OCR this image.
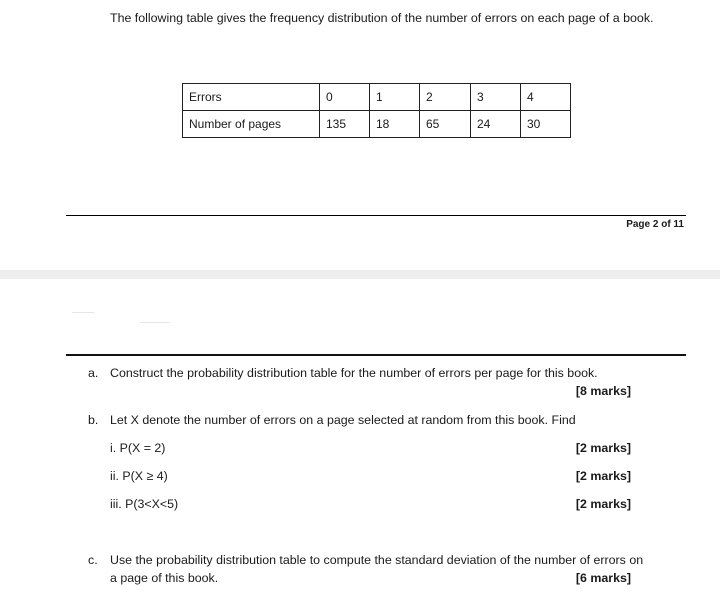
The following table gives the frequency distribution of the number of errors on each page of a book.
Errors	0	1	2	3	4
Number of pages	135	18	65	24	30
Page 2 of 11
a. Construct the probability distribution table for the number of errors per page for this book.
[8 marks]
b. Let X denote the number of errors on a page selected at random from this book. Find
i. P(X = 2)	[2 marks]
ii. P(X ≥ 4)	[2 marks]
iii. P(3<X<5)	[2 marks]
c. Use the probability distribution table to compute the standard deviation of the number of errors on
a page of this book.	[6 marks]
